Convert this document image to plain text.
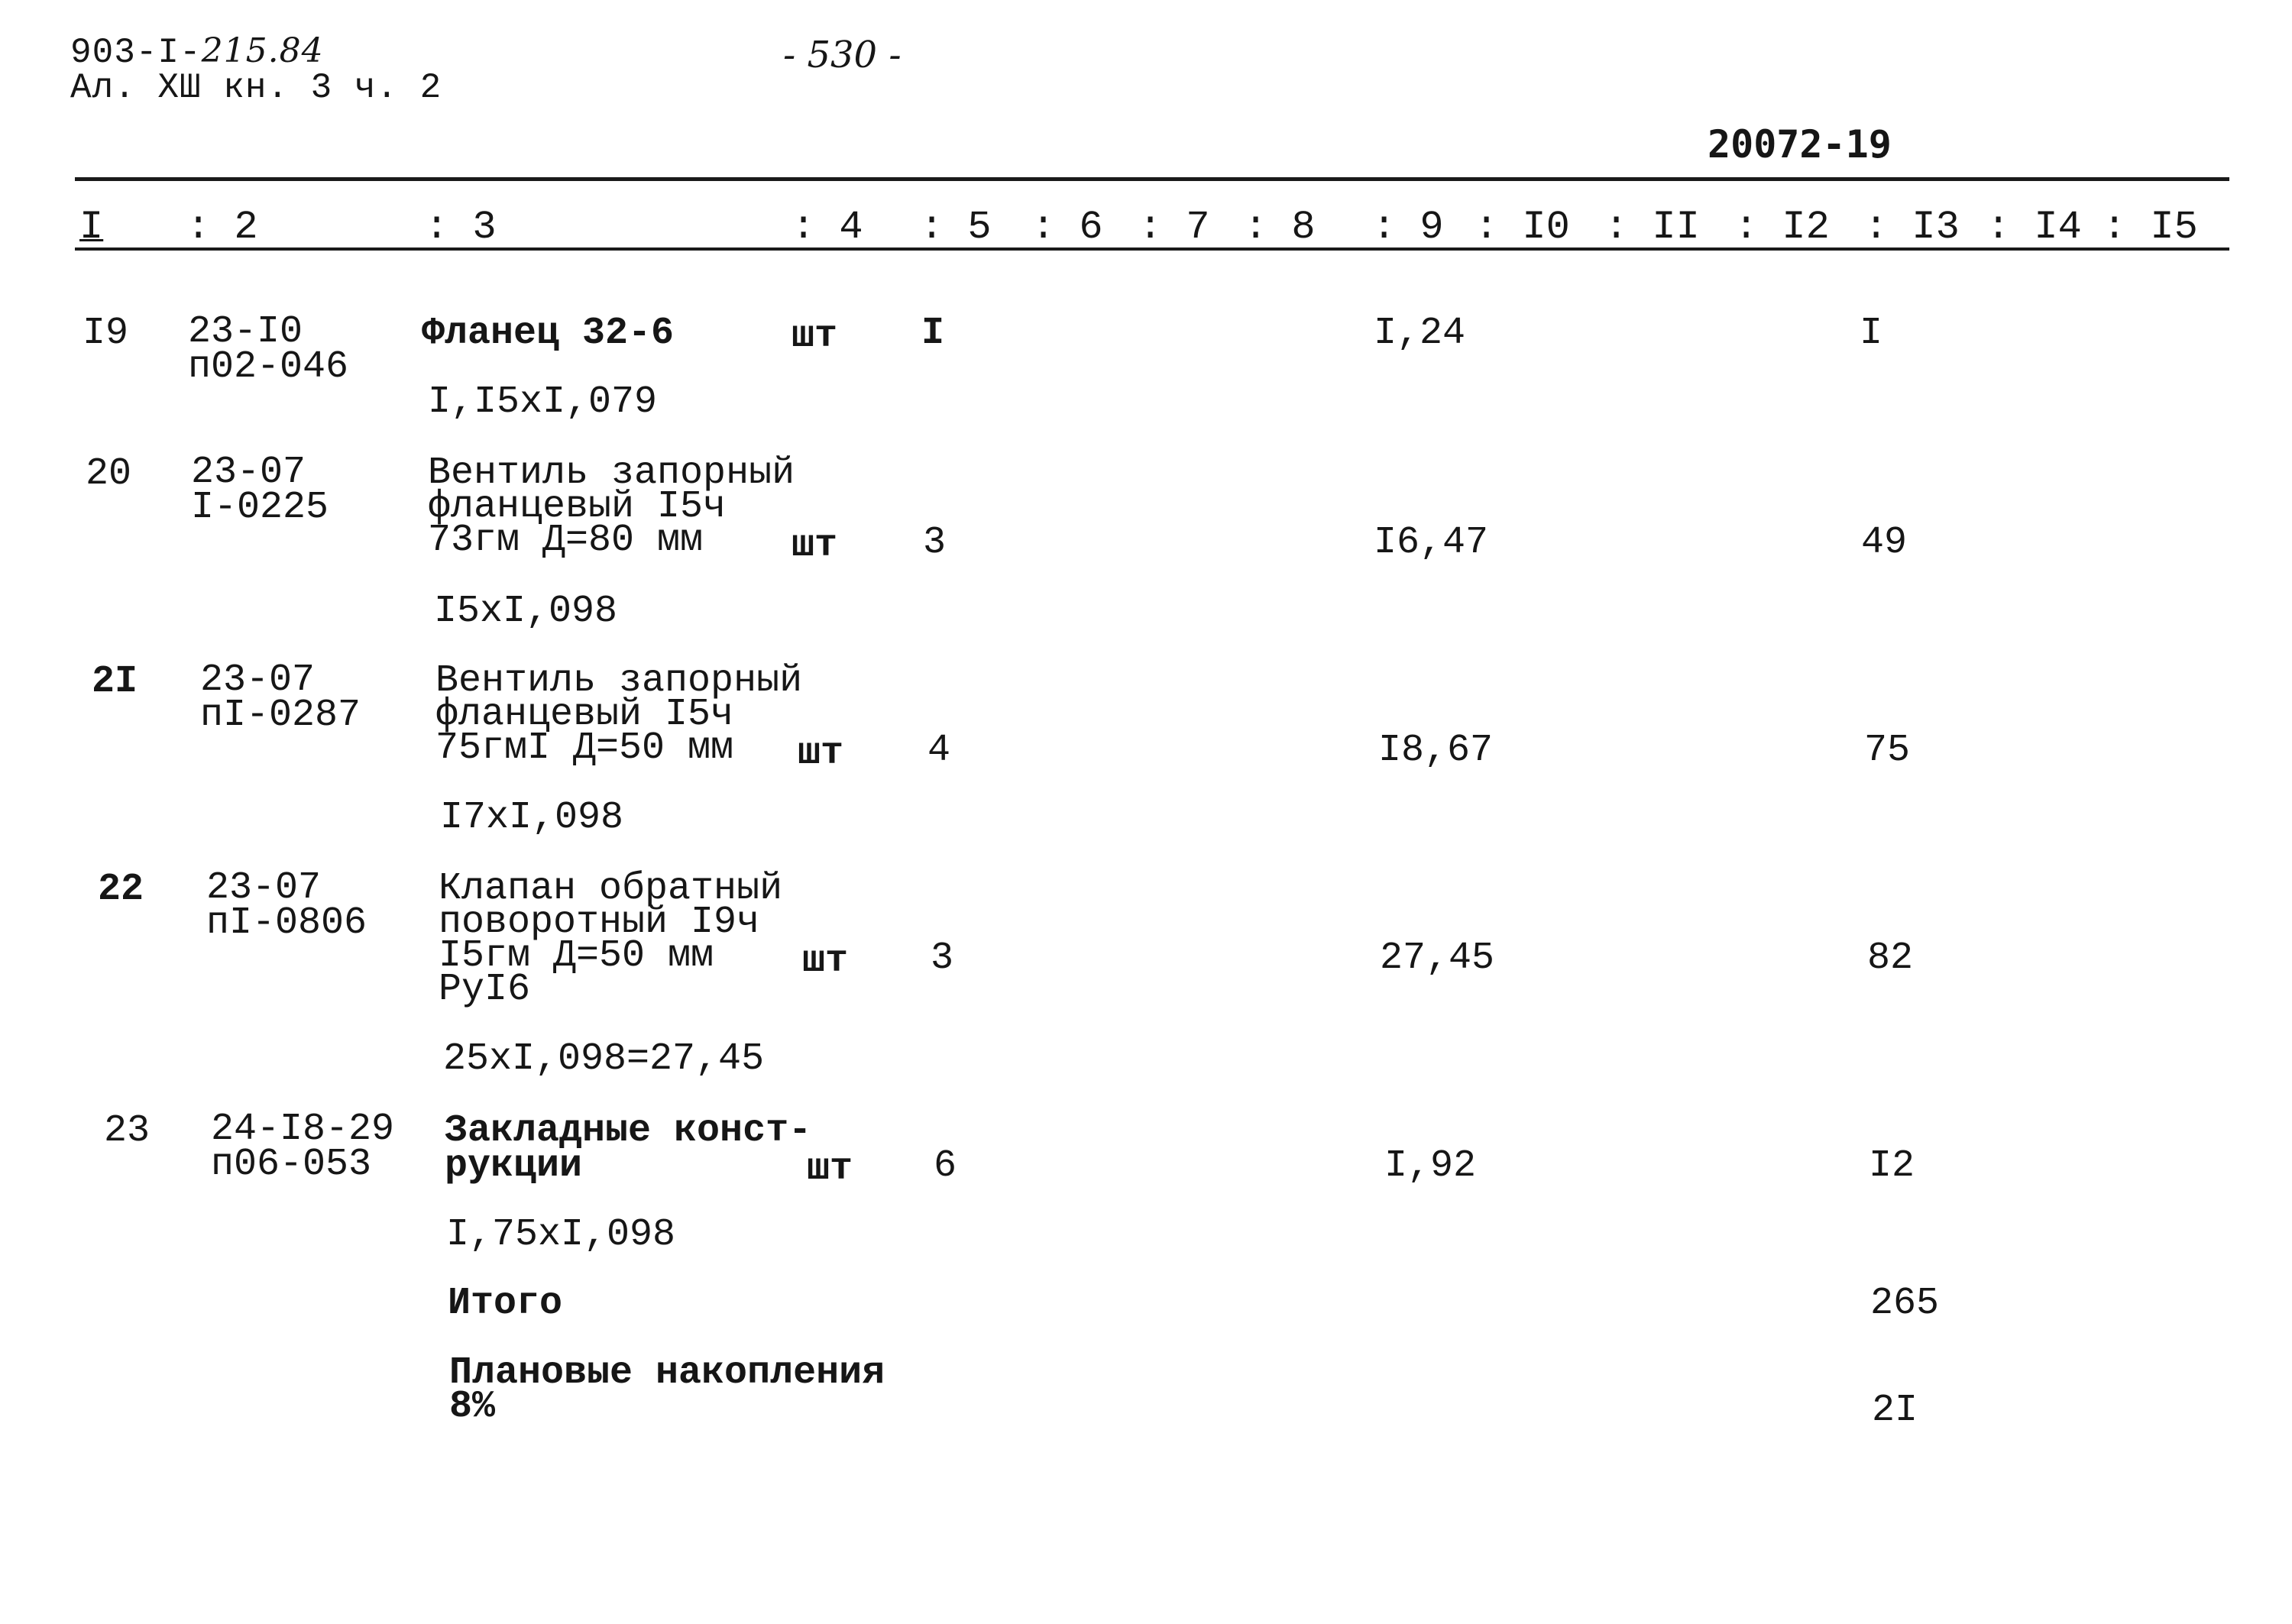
903-I-215.84
Ал. ХШ кн. 3 ч. 2
- 530 -
20072-19
I : 2	: 3	: 4 : 5 : 6 : 7 : 8 : 9 : I0 : II : I2 : I3 : I4 : I5
I9 23-I0
п02-046
Фланец 32-6	шт I	I,24	I
I,I5xI,079
20 23-07
I-0225
Вентиль запорный
фланцевый I5ч
73гм Д=80 мм	шт 3	I6,47	49
I5xI,098
2I 23-07
пI-0287
Вентиль запорный
фланцевый I5ч
75гмI Д=50 мм	шт 4	I8,67	75
I7xI,098
22 23-07
пI-0806
Клапан обратный
поворотный I9ч
I5гм Д=50 мм
РуI6
шт 3	27,45	82
25xI,098=27,45
23 24-I8-29
п06-053
Закладные конст-
рукции	шт 6	I,92	I2
I,75xI,098
Итого	265
Плановые накопления
8%	2I
